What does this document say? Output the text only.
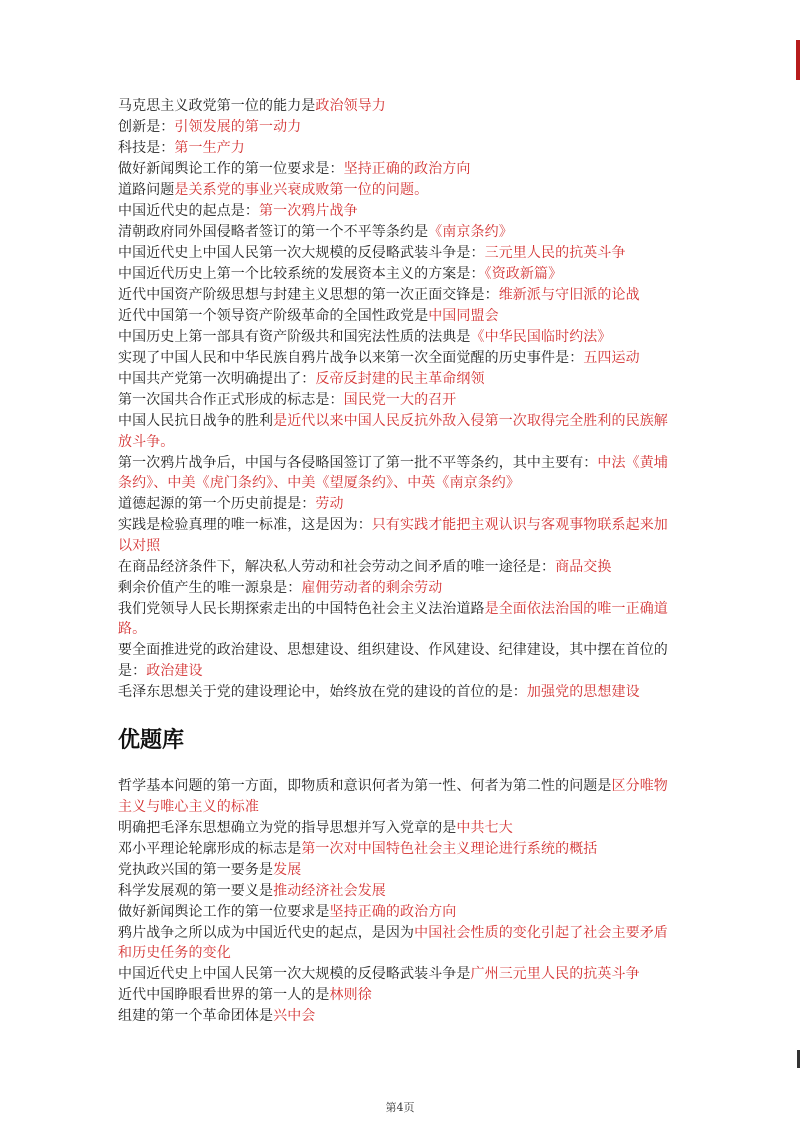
马克思主义政党第一位的能力是政治领导力

创新是：引领发展的第一动力

科技是：第一生产力

做好新闻舆论工作的第一位要求是：坚持正确的政治方向

道路问题是关系党的事业兴衰成败第一位的问题。

中国近代史的起点是：第一次鸦片战争

清朝政府同外国侵略者签订的第一个不平等条约是《南京条约》

中国近代史上中国人民第一次大规模的反侵略武装斗争是：三元里人民的抗英斗争

中国近代历史上第一个比较系统的发展资本主义的方案是：《资政新篇》

近代中国资产阶级思想与封建主义思想的第一次正面交锋是：维新派与守旧派的论战

近代中国第一个领导资产阶级革命的全国性政党是中国同盟会

中国历史上第一部具有资产阶级共和国宪法性质的法典是《中华民国临时约法》

实现了中国人民和中华民族自鸦片战争以来第一次全面觉醒的历史事件是：五四运动

中国共产党第一次明确提出了：反帝反封建的民主革命纲领

第一次国共合作正式形成的标志是：国民党一大的召开

中国人民抗日战争的胜利是近代以来中国人民反抗外敌入侵第一次取得完全胜利的民族解放斗争。

第一次鸦片战争后，中国与各侵略国签订了第一批不平等条约，其中主要有：中法《黄埔条约》、中美《虎门条约》、中美《望厦条约》、中英《南京条约》

道德起源的第一个历史前提是：劳动

实践是检验真理的唯一标准，这是因为：只有实践才能把主观认识与客观事物联系起来加以对照

在商品经济条件下，解决私人劳动和社会劳动之间矛盾的唯一途径是：商品交换

剩余价值产生的唯一源泉是：雇佣劳动者的剩余劳动

我们党领导人民长期探索走出的中国特色社会主义法治道路是全面依法治国的唯一正确道路。

要全面推进党的政治建设、思想建设、组织建设、作风建设、纪律建设，其中摆在首位的是：政治建设

毛泽东思想关于党的建设理论中，始终放在党的建设的首位的是：加强党的思想建设

优题库

哲学基本问题的第一方面，即物质和意识何者为第一性、何者为第二性的问题是区分唯物主义与唯心主义的标准

明确把毛泽东思想确立为党的指导思想并写入党章的是中共七大

邓小平理论轮廓形成的标志是第一次对中国特色社会主义理论进行系统的概括

党执政兴国的第一要务是发展

科学发展观的第一要义是推动经济社会发展

做好新闻舆论工作的第一位要求是坚持正确的政治方向

鸦片战争之所以成为中国近代史的起点，是因为中国社会性质的变化引起了社会主要矛盾和历史任务的变化

中国近代史上中国人民第一次大规模的反侵略武装斗争是广州三元里人民的抗英斗争

近代中国睁眼看世界的第一人的是林则徐

组建的第一个革命团体是兴中会

第4页
